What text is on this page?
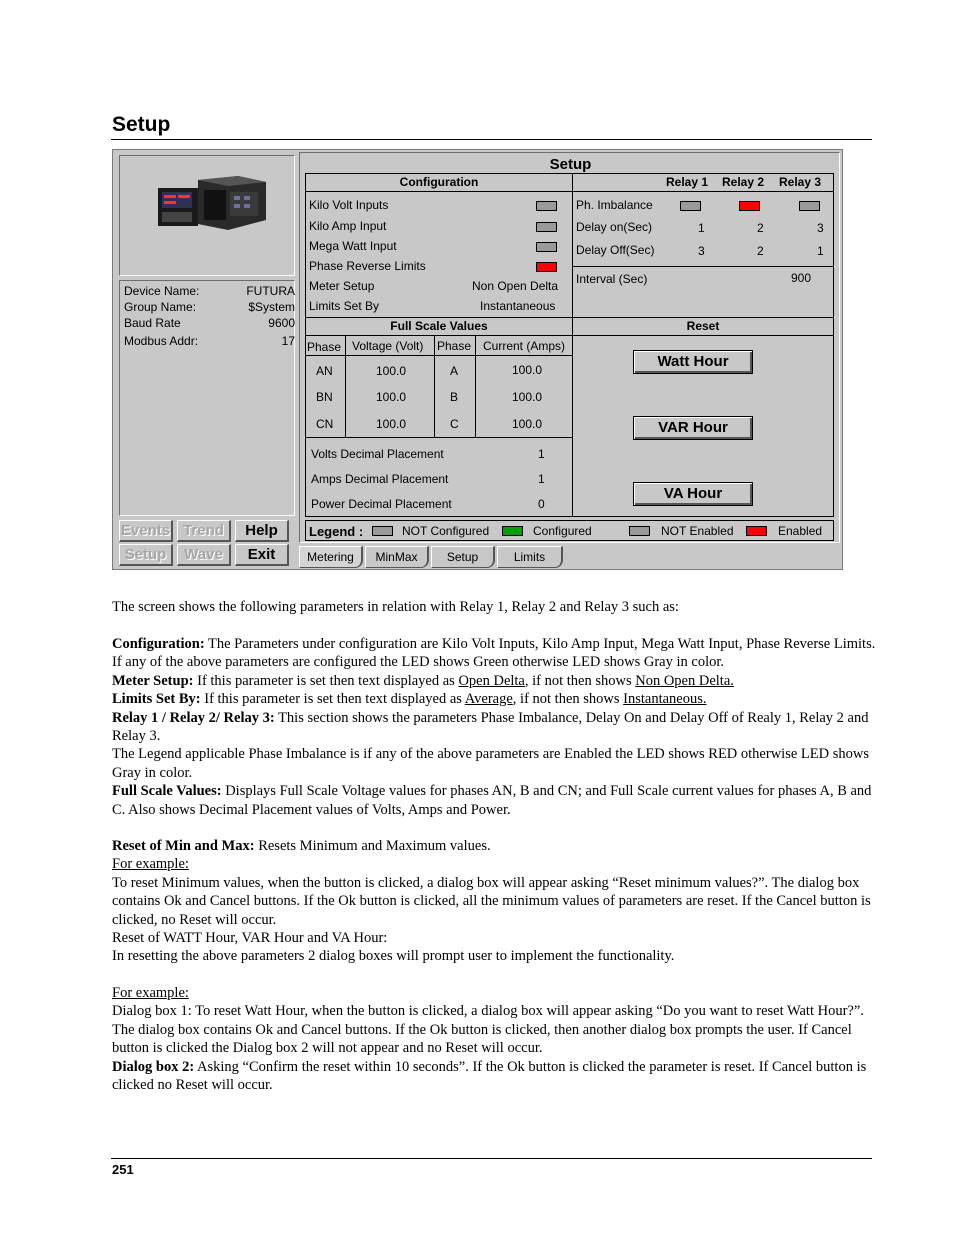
Setup
Device Name:	FUTURA
Group Name:	$System
Baud Rate	9600
Modbus Addr:	17
Events Trend	Help
Setup	Wave	Exit
Setup
Configuration
Kilo Volt Inputs
Kilo Amp Input
Mega Watt Input
Phase Reverse Limits
Meter Setup	Non Open Delta
Limits Set By	Instantaneous
Relay 1 Relay 2 Relay 3
Ph. Imbalance
Delay on(Sec)	1	2	3
Delay Off(Sec)	3	2	1
Interval (Sec)	900
Full Scale Values
Phase Voltage (Volt) Phase Current (Amps)
AN	100.0	A	100.0
BN	100.0	B	100.0
CN	100.0	C	100.0
Volts Decimal Placement	1
Amps Decimal Placement	1
Power Decimal Placement	0
Reset
Watt Hour
VAR Hour
VA Hour
Legend :	NOT Configured	Configured	NOT Enabled	Enabled
Metering	MinMax	Setup	Limits
The screen shows the following parameters in relation with Relay 1, Relay 2 and Relay 3 such as:
Configuration: The Parameters under configuration are Kilo Volt Inputs, Kilo Amp Input, Mega Watt Input, Phase Reverse Limits. If any of the above parameters are configured the LED shows Green otherwise LED shows Gray in color.
Meter Setup: If this parameter is set then text displayed as Open Delta, if not then shows Non Open Delta.
Limits Set By: If this parameter is set then text displayed as Average, if not then shows Instantaneous.
Relay 1 / Relay 2/ Relay 3: This section shows the parameters Phase Imbalance, Delay On and Delay Off of Realy 1, Relay 2 and Relay 3.
The Legend applicable Phase Imbalance is if any of the above parameters are Enabled the LED shows RED otherwise LED shows Gray in color.
Full Scale Values: Displays Full Scale Voltage values for phases AN, B and CN; and Full Scale current values for phases A, B and C. Also shows Decimal Placement values of Volts, Amps and Power.
Reset of Min and Max: Resets Minimum and Maximum values.
For example:
To reset Minimum values, when the button is clicked, a dialog box will appear asking “Reset minimum values?”. The dialog box contains Ok and Cancel buttons. If the Ok button is clicked, all the minimum values of parameters are reset. If the Cancel button is clicked, no Reset will occur.
Reset of WATT Hour, VAR Hour and VA Hour:
In resetting the above parameters 2 dialog boxes will prompt user to implement the functionality.
For example:
Dialog box 1: To reset Watt Hour, when the button is clicked, a dialog box will appear asking “Do you want to reset Watt Hour?”. The dialog box contains Ok and Cancel buttons. If the Ok button is clicked, then another dialog box prompts the user. If Cancel button is clicked the Dialog box 2 will not appear and no Reset will occur.
Dialog box 2: Asking “Confirm the reset within 10 seconds”. If the Ok button is clicked the parameter is reset. If Cancel button is clicked no Reset will occur.
251
